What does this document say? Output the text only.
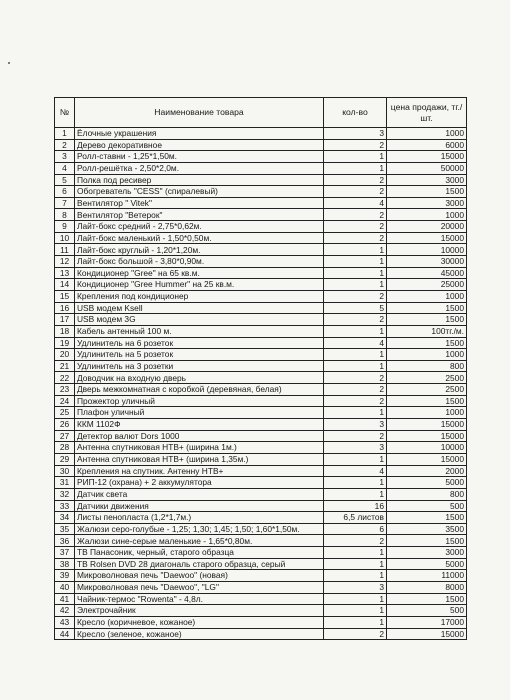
№	Наименование товара	кол-во	цена продажи, тг./шт.
1	Ёлочные украшения	3	1000
2	Дерево декоративное	2	6000
3	Ролл-ставни - 1,25*1,50м.	1	15000
4	Ролл-решётка - 2,50*2,0м.	1	50000
5	Полка под ресивер	2	3000
6	Обогреватель "CESS" (спиралевый)	2	1500
7	Вентилятор " Vitek"	4	3000
8	Вентилятор "Ветерок"	2	1000
9	Лайт-бокс средний - 2,75*0,62м.	2	20000
10	Лайт-бокс маленький - 1,50*0,50м.	2	15000
11	Лайт-бокс круглый - 1,20*1,20м.	1	10000
12	Лайт-бокс большой - 3,80*0,90м.	1	30000
13	Кондиционер "Gree" на 65 кв.м.	1	45000
14	Кондиционер "Gree Hummer" на 25 кв.м.	1	25000
15	Крепления под кондиционер	2	1000
16	USB модем Ksell	5	1500
17	USB модем 3G	2	1500
18	Кабель антенный 100 м.	1	100тг./м.
19	Удлинитель на 6 розеток	4	1500
20	Удлинитель на 5 розеток	1	1000
21	Удлинитель на 3 розетки	1	800
22	Доводчик на входную дверь	2	2500
23	Дверь межкомнатная с коробкой (деревяная, белая)	2	2500
24	Прожектор уличный	2	1500
25	Плафон уличный	1	1000
26	ККМ 1102Ф	3	15000
27	Детектор валют Dors 1000	2	15000
28	Антенна спутниковая НТВ+ (ширина 1м.)	3	10000
29	Антенна спутниковая НТВ+ (ширина 1,35м.)	1	15000
30	Крепления на спутник. Антенну НТВ+	4	2000
31	РИП-12 (охрана) + 2 аккумулятора	1	5000
32	Датчик света	1	800
33	Датчики движения	16	500
34	Листы пенопласта (1,2*1,7м.)	6,5 листов	1500
35	Жалюзи серо-голубые - 1,25; 1,30; 1,45; 1,50; 1,60*1,50м.	6	3500
36	Жалюзи сине-серые маленькие - 1,65*0,80м.	2	1500
37	ТВ Панасоник, черный, старого образца	1	3000
38	ТВ Rolsen DVD 28 диагональ старого образца, серый	1	5000
39	Микроволновая печь "Daewoo" (новая)	1	11000
40	Микроволновая печь "Daewoo", "LG"	3	8000
41	Чайник-термос "Rowenta" - 4,8л.	1	1500
42	Электрочайник	1	500
43	Кресло (коричневое, кожаное)	1	17000
44	Кресло (зеленое, кожаное)	2	15000
